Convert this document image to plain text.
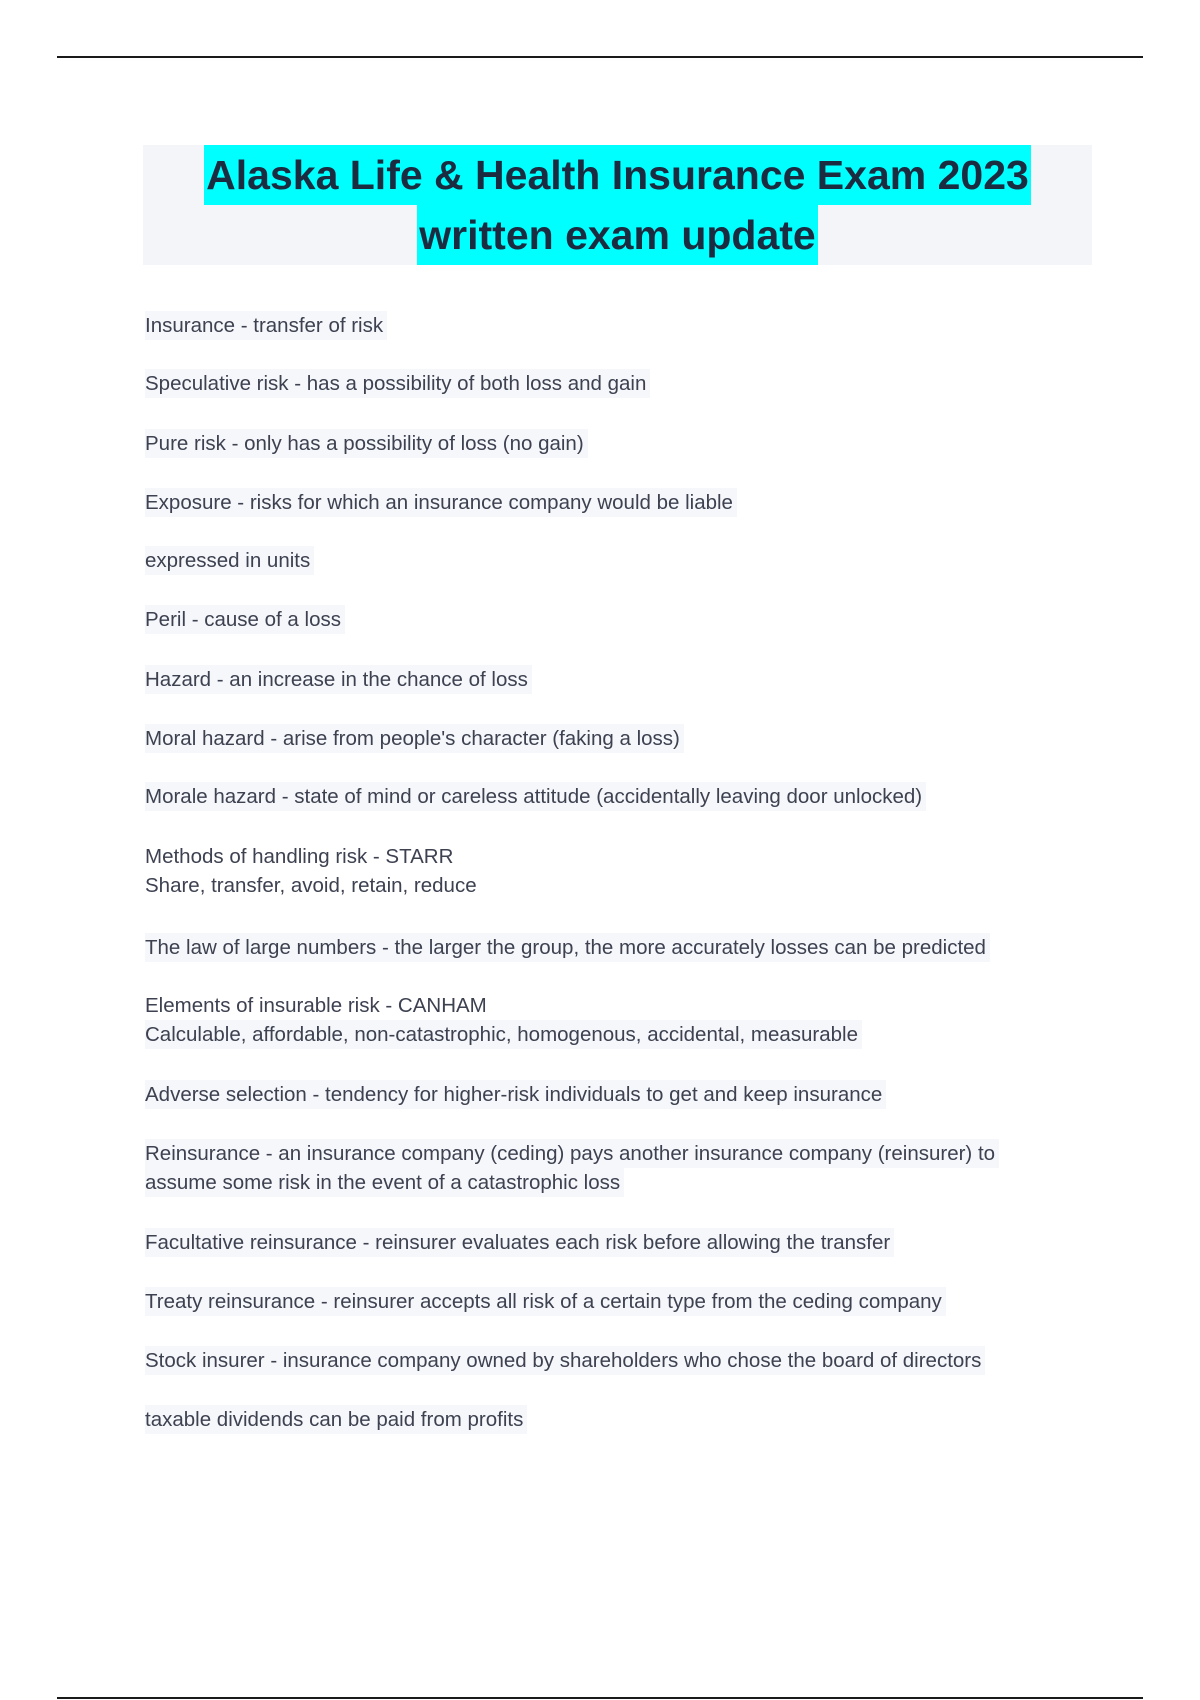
Alaska Life & Health Insurance Exam 2023
written exam update
Insurance - transfer of risk
Speculative risk - has a possibility of both loss and gain
Pure risk - only has a possibility of loss (no gain)
Exposure - risks for which an insurance company would be liable
expressed in units
Peril - cause of a loss
Hazard - an increase in the chance of loss
Moral hazard - arise from people's character (faking a loss)
Morale hazard - state of mind or careless attitude (accidentally leaving door unlocked)
Methods of handling risk - STARR
Share, transfer, avoid, retain, reduce
The law of large numbers - the larger the group, the more accurately losses can be predicted
Elements of insurable risk - CANHAM
Calculable, affordable, non-catastrophic, homogenous, accidental, measurable
Adverse selection - tendency for higher-risk individuals to get and keep insurance
Reinsurance - an insurance company (ceding) pays another insurance company (reinsurer) to
assume some risk in the event of a catastrophic loss
Facultative reinsurance - reinsurer evaluates each risk before allowing the transfer
Treaty reinsurance - reinsurer accepts all risk of a certain type from the ceding company
Stock insurer - insurance company owned by shareholders who chose the board of directors
taxable dividends can be paid from profits
